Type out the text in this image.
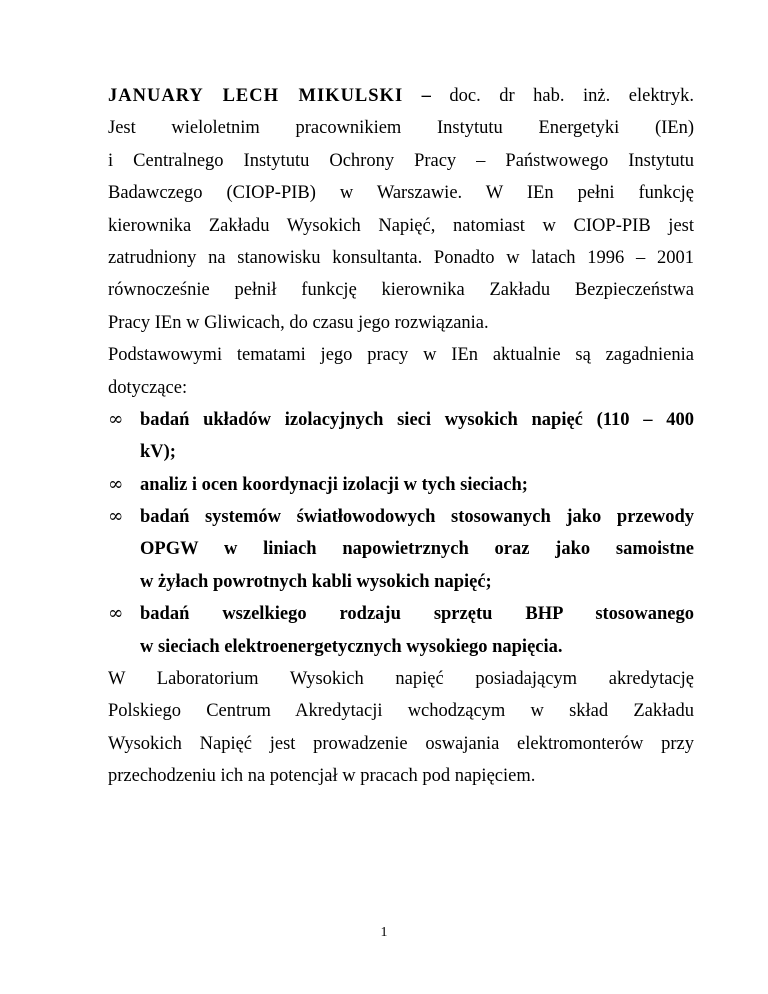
JANUARY LECH MIKULSKI – doc. dr hab. inż. elektryk.
Jest wieloletnim pracownikiem Instytutu Energetyki (IEn)
i Centralnego Instytutu Ochrony Pracy – Państwowego Instytutu
Badawczego (CIOP-PIB) w Warszawie. W IEn pełni funkcję
kierownika Zakładu Wysokich Napięć, natomiast w CIOP-PIB jest
zatrudniony na stanowisku konsultanta. Ponadto w latach 1996 – 2001
równocześnie pełnił funkcję kierownika Zakładu Bezpieczeństwa
Pracy IEn w Gliwicach, do czasu jego rozwiązania.
Podstawowymi tematami jego pracy w IEn aktualnie są zagadnienia
dotyczące:
∞ badań układów izolacyjnych sieci wysokich napięć (110 – 400
kV);
∞ analiz i ocen koordynacji izolacji w tych sieciach;
∞ badań systemów światłowodowych stosowanych jako przewody
OPGW w liniach napowietrznych oraz jako samoistne
w żyłach powrotnych kabli wysokich napięć;
∞ badań wszelkiego rodzaju sprzętu BHP stosowanego
w sieciach elektroenergetycznych wysokiego napięcia.
W Laboratorium Wysokich napięć posiadającym akredytację
Polskiego Centrum Akredytacji wchodzącym w skład Zakładu
Wysokich Napięć jest prowadzenie oswajania elektromonterów przy
przechodzeniu ich na potencjał w pracach pod napięciem.
1
